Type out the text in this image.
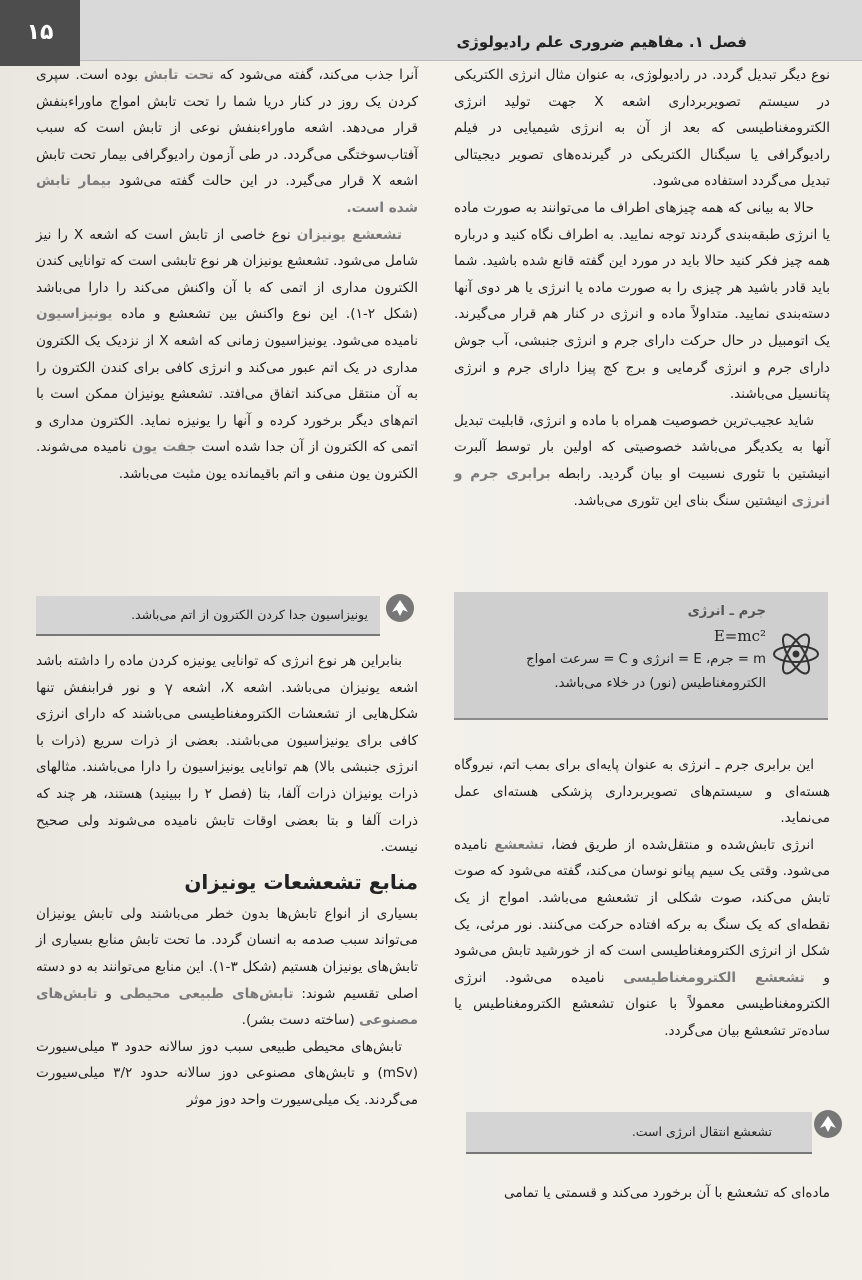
۱۵	فصل ۱. مفاهیم ضروری علم رادیولوژی

نوع دیگر تبدیل گردد. در رادیولوژی، به عنوان مثال انرژی الکتریکی در سیستم تصویربرداری اشعه X جهت تولید انرژی الکترومغناطیسی که بعد از آن به انرژی شیمیایی در فیلم رادیوگرافی یا سیگنال الکتریکی در گیرنده‌های تصویر دیجیتالی تبدیل می‌گردد استفاده می‌شود.

حالا به بیانی که همه چیزهای اطراف ما می‌توانند به صورت ماده یا انرژی طبقه‌بندی گردند توجه نمایید. به اطراف نگاه کنید و درباره همه چیز فکر کنید حالا باید در مورد این گفته قانع شده باشید. شما باید قادر باشید هر چیزی را به صورت ماده یا انرژی یا هر دوی آنها دسته‌بندی نمایید. متداولاً ماده و انرژی در کنار هم قرار می‌گیرند. یک اتومبیل در حال حرکت دارای جرم و انرژی جنبشی، آب جوش دارای جرم و انرژی گرمایی و برج کج پیزا دارای جرم و انرژی پتانسیل می‌باشند.

شاید عجیب‌ترین خصوصیت همراه با ماده و انرژی، قابلیت تبدیل آنها به یکدیگر می‌باشد خصوصیتی که اولین بار توسط آلبرت انیشتین با تئوری نسبیت او بیان گردید. رابطه برابری جرم و انرژی انیشتین سنگ بنای این تئوری می‌باشد.

جرم ـ انرژی
E=mc²
m = جرم، E = انرژی و C = سرعت امواج
الکترومغناطیس (نور) در خلاء می‌باشد.

این برابری جرم ـ انرژی به عنوان پایه‌ای برای بمب اتم، نیروگاه هسته‌ای و سیستم‌های تصویربرداری پزشکی هسته‌ای عمل می‌نماید.

انرژی تابش‌شده و منتقل‌شده از طریق فضا، تشعشع نامیده می‌شود. وقتی یک سیم پیانو نوسان می‌کند، گفته می‌شود که صوت تابش می‌کند، صوت شکلی از تشعشع می‌باشد. امواج از یک نقطه‌ای که یک سنگ به برکه افتاده حرکت می‌کنند. نور مرئی، یک شکل از انرژی الکترومغناطیسی است که از خورشید تابش می‌شود و تشعشع الکترومغناطیسی نامیده می‌شود. انرژی الکترومغناطیسی معمولاً با عنوان تشعشع الکترومغناطیس یا ساده‌تر تشعشع بیان می‌گردد.

تشعشع انتقال انرژی است.

ماده‌ای که تشعشع با آن برخورد می‌کند و قسمتی یا تمامی

آنرا جذب می‌کند، گفته می‌شود که تحت تابش بوده است. سپری کردن یک روز در کنار دریا شما را تحت تابش امواج ماوراءبنفش قرار می‌دهد. اشعه ماوراءبنفش نوعی از تابش است که سبب آفتاب‌سوختگی می‌گردد. در طی آزمون رادیوگرافی بیمار تحت تابش اشعه X قرار می‌گیرد. در این حالت گفته می‌شود بیمار تابش شده است.

تشعشع یونیزان نوع خاصی از تابش است که اشعه X را نیز شامل می‌شود. تشعشع یونیزان هر نوع تابشی است که توانایی کندن الکترون مداری از اتمی که با آن واکنش می‌کند را دارا می‌باشد (شکل ۲-۱). این نوع واکنش بین تشعشع و ماده یونیزاسیون نامیده می‌شود. یونیزاسیون زمانی که اشعه X از نزدیک یک الکترون مداری در یک اتم عبور می‌کند و انرژی کافی برای کندن الکترون را به آن منتقل می‌کند اتفاق می‌افتد. تشعشع یونیزان ممکن است با اتم‌های دیگر برخورد کرده و آنها را یونیزه نماید. الکترون مداری و اتمی که الکترون از آن جدا شده است جفت یون نامیده می‌شوند. الکترون یون منفی و اتم باقیمانده یون مثبت می‌باشد.

یونیزاسیون جدا کردن الکترون از اتم می‌باشد.

بنابراین هر نوع انرژی که توانایی یونیزه کردن ماده را داشته باشد اشعه یونیزان می‌باشد. اشعه X، اشعه γ و نور فرابنفش تنها شکل‌هایی از تشعشات الکترومغناطیسی می‌باشند که دارای انرژی کافی برای یونیزاسیون می‌باشند. بعضی از ذرات سریع (ذرات با انرژی جنبشی بالا) هم توانایی یونیزاسیون را دارا می‌باشند. مثالهای ذرات یونیزان ذرات آلفا، بتا (فصل ۲ را ببینید) هستند، هر چند که ذرات آلفا و بتا بعضی اوقات تابش نامیده می‌شوند ولی صحیح نیست.

منابع تشعشعات یونیزان

بسیاری از انواع تابش‌ها بدون خطر می‌باشند ولی تابش یونیزان می‌تواند سبب صدمه به انسان گردد. ما تحت تابش منابع بسیاری از تابش‌های یونیزان هستیم (شکل ۳-۱). این منابع می‌توانند به دو دسته اصلی تقسیم شوند: تابش‌های طبیعی محیطی و تابش‌های مصنوعی (ساخته دست بشر).

تابش‌های محیطی طبیعی سبب دوز سالانه حدود ۳ میلی‌سیورت (mSv) و تابش‌های مصنوعی دوز سالانه حدود ۳/۲ میلی‌سیورت می‌گردند. یک میلی‌سیورت واحد دوز موثر
